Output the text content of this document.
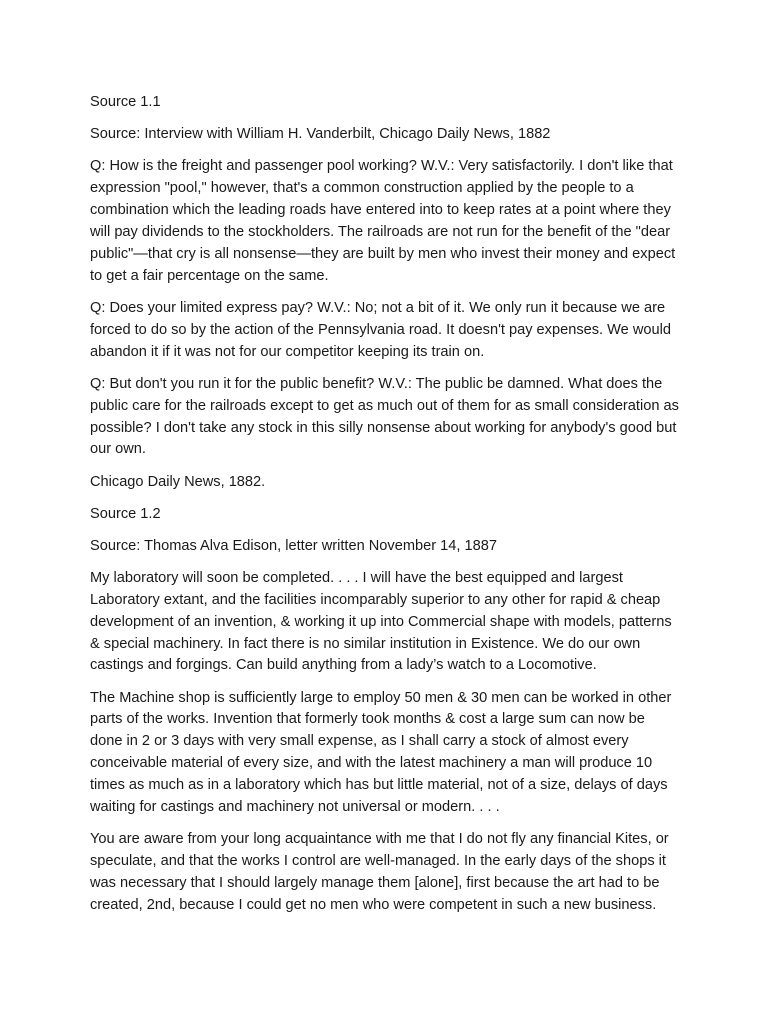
Source 1.1

Source: Interview with William H. Vanderbilt, Chicago Daily News, 1882

Q: How is the freight and passenger pool working? W.V.: Very satisfactorily. I don't like that expression "pool," however, that's a common construction applied by the people to a combination which the leading roads have entered into to keep rates at a point where they will pay dividends to the stockholders. The railroads are not run for the benefit of the "dear public"—that cry is all nonsense—they are built by men who invest their money and expect to get a fair percentage on the same.

Q: Does your limited express pay? W.V.: No; not a bit of it. We only run it because we are forced to do so by the action of the Pennsylvania road. It doesn't pay expenses. We would abandon it if it was not for our competitor keeping its train on.

Q: But don't you run it for the public benefit? W.V.: The public be damned. What does the public care for the railroads except to get as much out of them for as small consideration as possible? I don't take any stock in this silly nonsense about working for anybody's good but our own.

Chicago Daily News, 1882.

Source 1.2

Source: Thomas Alva Edison, letter written November 14, 1887

My laboratory will soon be completed. . . . I will have the best equipped and largest Laboratory extant, and the facilities incomparably superior to any other for rapid & cheap development of an invention, & working it up into Commercial shape with models, patterns & special machinery. In fact there is no similar institution in Existence. We do our own castings and forgings. Can build anything from a lady’s watch to a Locomotive.

The Machine shop is sufficiently large to employ 50 men & 30 men can be worked in other parts of the works. Invention that formerly took months & cost a large sum can now be done in 2 or 3 days with very small expense, as I shall carry a stock of almost every conceivable material of every size, and with the latest machinery a man will produce 10 times as much as in a laboratory which has but little material, not of a size, delays of days waiting for castings and machinery not universal or modern. . . .

You are aware from your long acquaintance with me that I do not fly any financial Kites, or speculate, and that the works I control are well-managed. In the early days of the shops it was necessary that I should largely manage them [alone], first because the art had to be created, 2nd, because I could get no men who were competent in such a new business.
